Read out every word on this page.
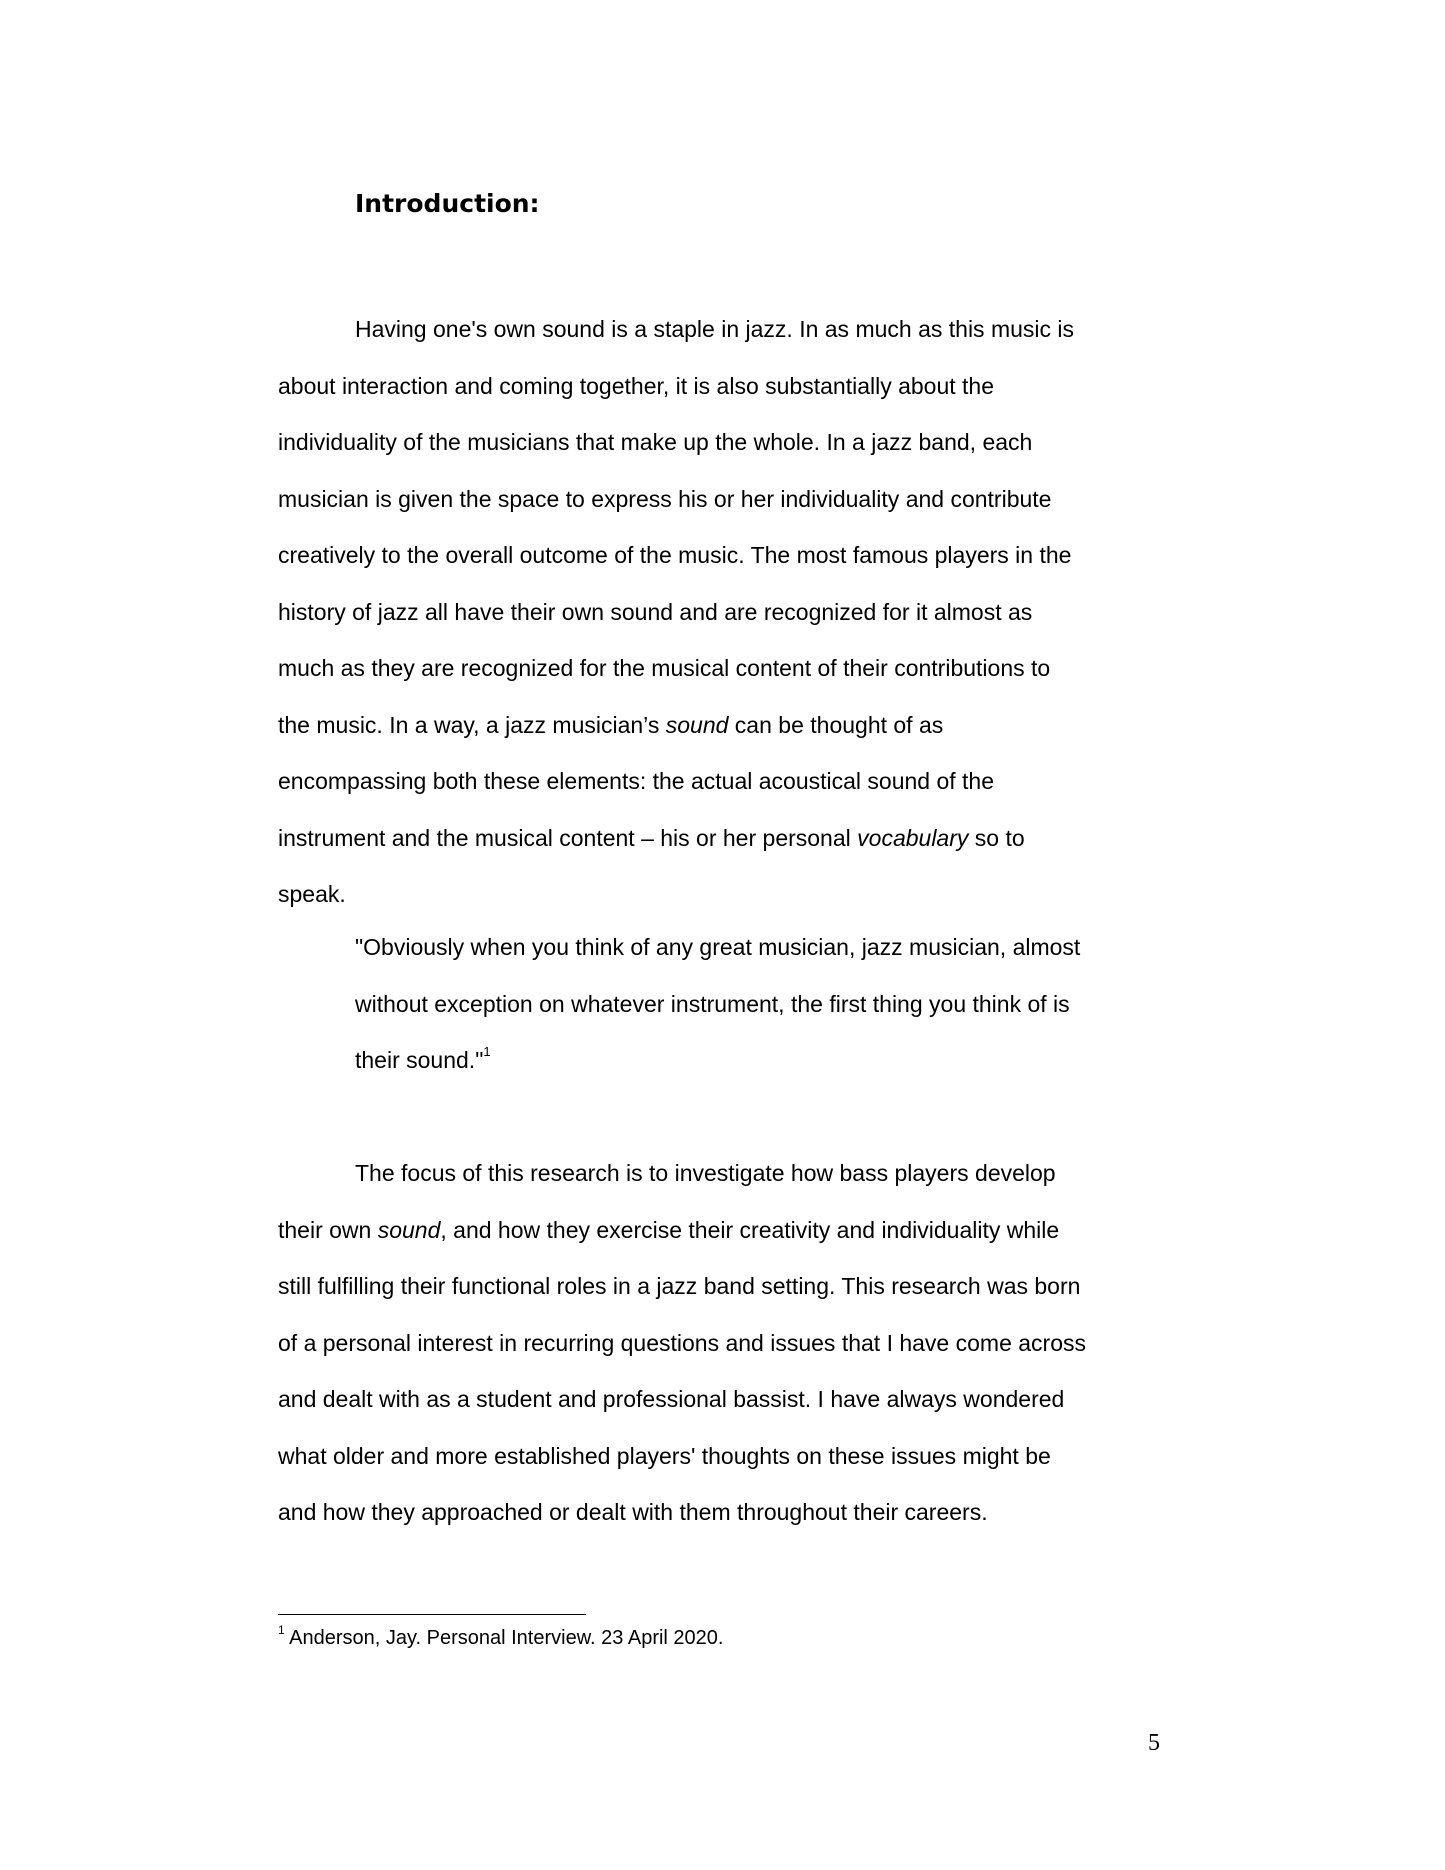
Introduction:
Having one's own sound is a staple in jazz. In as much as this music is
about interaction and coming together, it is also substantially about the
individuality of the musicians that make up the whole. In a jazz band, each
musician is given the space to express his or her individuality and contribute
creatively to the overall outcome of the music. The most famous players in the
history of jazz all have their own sound and are recognized for it almost as
much as they are recognized for the musical content of their contributions to
the music. In a way, a jazz musician’s sound can be thought of as
encompassing both these elements: the actual acoustical sound of the
instrument and the musical content – his or her personal vocabulary so to
speak.
"Obviously when you think of any great musician, jazz musician, almost
without exception on whatever instrument, the first thing you think of is
their sound."$^1$
The focus of this research is to investigate how bass players develop
their own sound, and how they exercise their creativity and individuality while
still fulfilling their functional roles in a jazz band setting. This research was born
of a personal interest in recurring questions and issues that I have come across
and dealt with as a student and professional bassist. I have always wondered
what older and more established players' thoughts on these issues might be
and how they approached or dealt with them throughout their careers.

$^1$ Anderson, Jay. Personal Interview. 23 April 2020.

5
